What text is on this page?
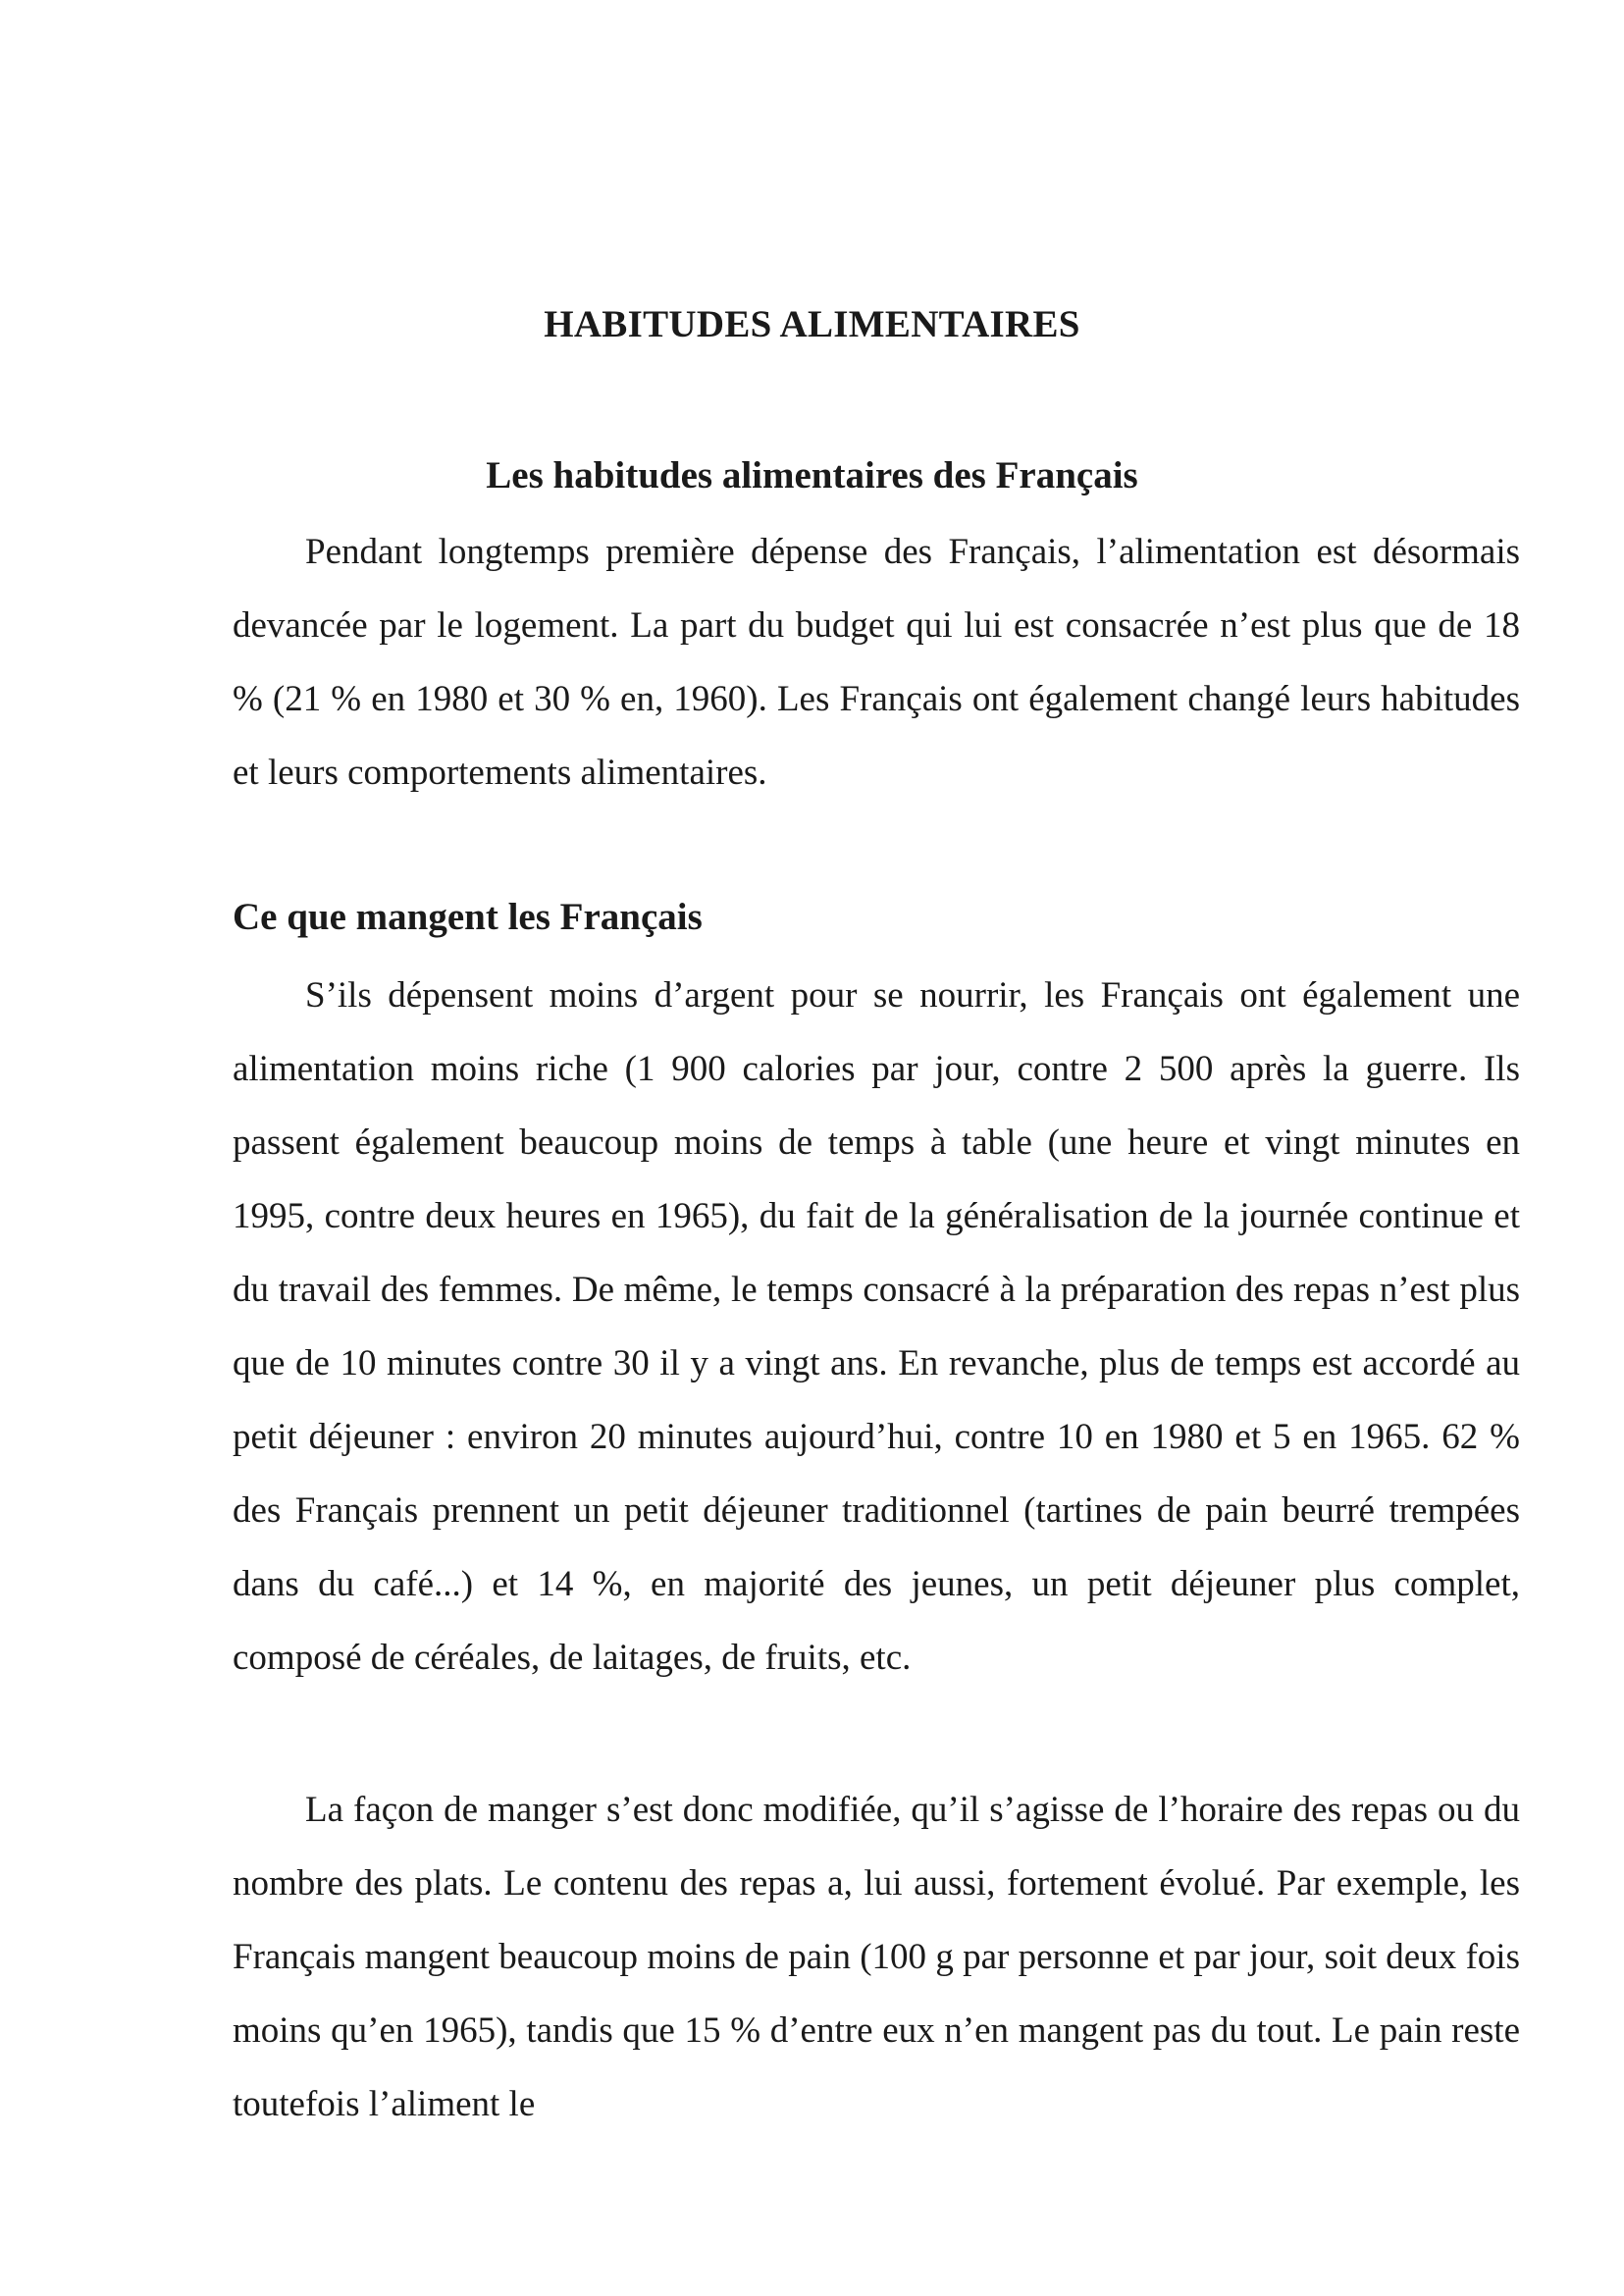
HABITUDES ALIMENTAIRES
Les habitudes alimentaires des Français

Pendant longtemps première dépense des Français, l’alimentation est désormais devancée par le logement. La part du budget qui lui est consacrée n’est plus que de 18 % (21 % en 1980 et 30 % en, 1960). Les Français ont également changé leurs habitudes et leurs comportements alimentaires.

Ce que mangent les Français

S’ils dépensent moins d’argent pour se nourrir, les Français ont également une alimentation moins riche (1 900 calories par jour, contre 2 500 après la guerre. Ils passent également beaucoup moins de temps à table (une heure et vingt minutes en 1995, contre deux heures en 1965), du fait de la généralisation de la journée continue et du travail des femmes. De même, le temps consacré à la préparation des repas n’est plus que de 10 minutes contre 30 il y a vingt ans. En revanche, plus de temps est accordé au petit déjeuner : environ 20 minutes aujourd’hui, contre 10 en 1980 et 5 en 1965. 62 % des Français prennent un petit déjeuner traditionnel (tartines de pain beurré trempées dans du café...) et 14 %, en majorité des jeunes, un petit déjeuner plus complet, composé de céréales, de laitages, de fruits, etc.

La façon de manger s’est donc modifiée, qu’il s’agisse de l’horaire des repas ou du nombre des plats. Le contenu des repas a, lui aussi, fortement évolué. Par exemple, les Français mangent beaucoup moins de pain (100 g par personne et par jour, soit deux fois moins qu’en 1965), tandis que 15 % d’entre eux n’en mangent pas du tout. Le pain reste toutefois l’aliment le
